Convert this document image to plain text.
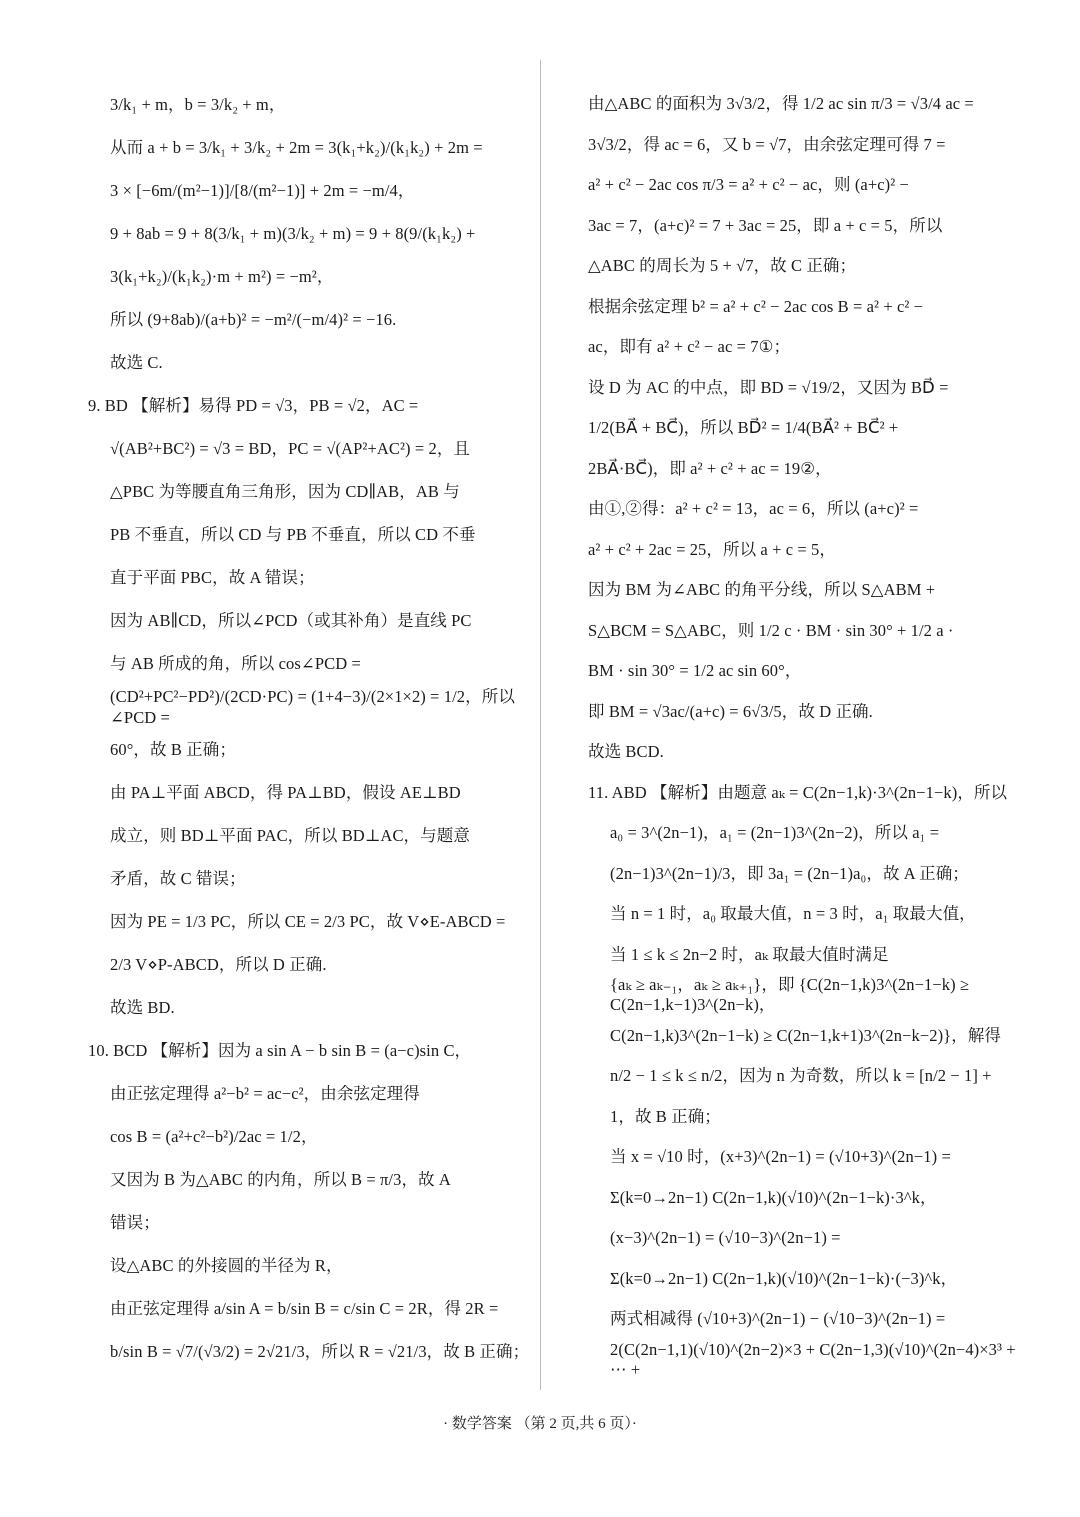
3/k₁ + m，b = 3/k₂ + m，
从而 a + b = 3/k₁ + 3/k₂ + 2m = 3(k₁+k₂)/(k₁k₂) + 2m =
3 × [−6m/(m²−1)]/[8/(m²−1)] + 2m = −m/4，
9 + 8ab = 9 + 8(3/k₁ + m)(3/k₂ + m) = 9 + 8(9/(k₁k₂) +
3(k₁+k₂)/(k₁k₂)·m + m²) = −m²，
所以 (9+8ab)/(a+b)² = −m²/(−m/4)² = −16.
故选 C.
9. BD 【解析】易得 PD = √3，PB = √2，AC =
√(AB²+BC²) = √3 = BD，PC = √(AP²+AC²) = 2，且
△PBC 为等腰直角三角形，因为 CD∥AB，AB 与
PB 不垂直，所以 CD 与 PB 不垂直，所以 CD 不垂
直于平面 PBC，故 A 错误；
因为 AB∥CD，所以∠PCD（或其补角）是直线 PC
与 AB 所成的角，所以 cos∠PCD =
(CD²+PC²−PD²)/(2CD·PC) = (1+4−3)/(2×1×2) = 1/2，所以∠PCD =
60°，故 B 正确；
由 PA⊥平面 ABCD，得 PA⊥BD，假设 AE⊥BD
成立，则 BD⊥平面 PAC，所以 BD⊥AC，与题意
矛盾，故 C 错误；
因为 PE = 1/3 PC，所以 CE = 2/3 PC，故 V⋄E-ABCD =
2/3 V⋄P-ABCD，所以 D 正确.
故选 BD.
10. BCD 【解析】因为 a sin A − b sin B = (a−c)sin C，
由正弦定理得 a²−b² = ac−c²，由余弦定理得
cos B = (a²+c²−b²)/2ac = 1/2，
又因为 B 为△ABC 的内角，所以 B = π/3，故 A
错误；
设△ABC 的外接圆的半径为 R，
由正弦定理得 a/sin A = b/sin B = c/sin C = 2R，得 2R =
b/sin B = √7/(√3/2) = 2√21/3，所以 R = √21/3，故 B 正确；
由△ABC 的面积为 3√3/2，得 1/2 ac sin π/3 = √3/4 ac =
3√3/2，得 ac = 6，又 b = √7，由余弦定理可得 7 =
a² + c² − 2ac cos π/3 = a² + c² − ac，则 (a+c)² −
3ac = 7，(a+c)² = 7 + 3ac = 25，即 a + c = 5，所以
△ABC 的周长为 5 + √7，故 C 正确；
根据余弦定理 b² = a² + c² − 2ac cos B = a² + c² −
ac，即有 a² + c² − ac = 7①；
设 D 为 AC 的中点，即 BD = √19/2，又因为 BD⃗ =
1/2(BA⃗ + BC⃗)，所以 BD⃗² = 1/4(BA⃗² + BC⃗² +
2BA⃗·BC⃗)，即 a² + c² + ac = 19②，
由①,②得：a² + c² = 13，ac = 6，所以 (a+c)² =
a² + c² + 2ac = 25，所以 a + c = 5，
因为 BM 为∠ABC 的角平分线，所以 S△ABM +
S△BCM = S△ABC，则 1/2 c · BM · sin 30° + 1/2 a ·
BM · sin 30° = 1/2 ac sin 60°，
即 BM = √3ac/(a+c) = 6√3/5，故 D 正确.
故选 BCD.
11. ABD 【解析】由题意 aₖ = C(2n−1,k)·3^(2n−1−k)，所以
a₀ = 3^(2n−1)，a₁ = (2n−1)3^(2n−2)，所以 a₁ =
(2n−1)3^(2n−1)/3，即 3a₁ = (2n−1)a₀，故 A 正确；
当 n = 1 时，a₀ 取最大值，n = 3 时，a₁ 取最大值，
当 1 ≤ k ≤ 2n−2 时，aₖ 取最大值时满足
{aₖ ≥ aₖ₋₁，aₖ ≥ aₖ₊₁}，即 {C(2n−1,k)3^(2n−1−k) ≥ C(2n−1,k−1)3^(2n−k)，
C(2n−1,k)3^(2n−1−k) ≥ C(2n−1,k+1)3^(2n−k−2)}，解得
n/2 − 1 ≤ k ≤ n/2，因为 n 为奇数，所以 k = [n/2 − 1] +
1，故 B 正确；
当 x = √10 时，(x+3)^(2n−1) = (√10+3)^(2n−1) =
Σ(k=0→2n−1) C(2n−1,k)(√10)^(2n−1−k)·3^k，
(x−3)^(2n−1) = (√10−3)^(2n−1) =
Σ(k=0→2n−1) C(2n−1,k)(√10)^(2n−1−k)·(−3)^k，
两式相减得 (√10+3)^(2n−1) − (√10−3)^(2n−1) =
2(C(2n−1,1)(√10)^(2n−2)×3 + C(2n−1,3)(√10)^(2n−4)×3³ + ⋯ +
· 数学答案 （第 2 页,共 6 页）·
